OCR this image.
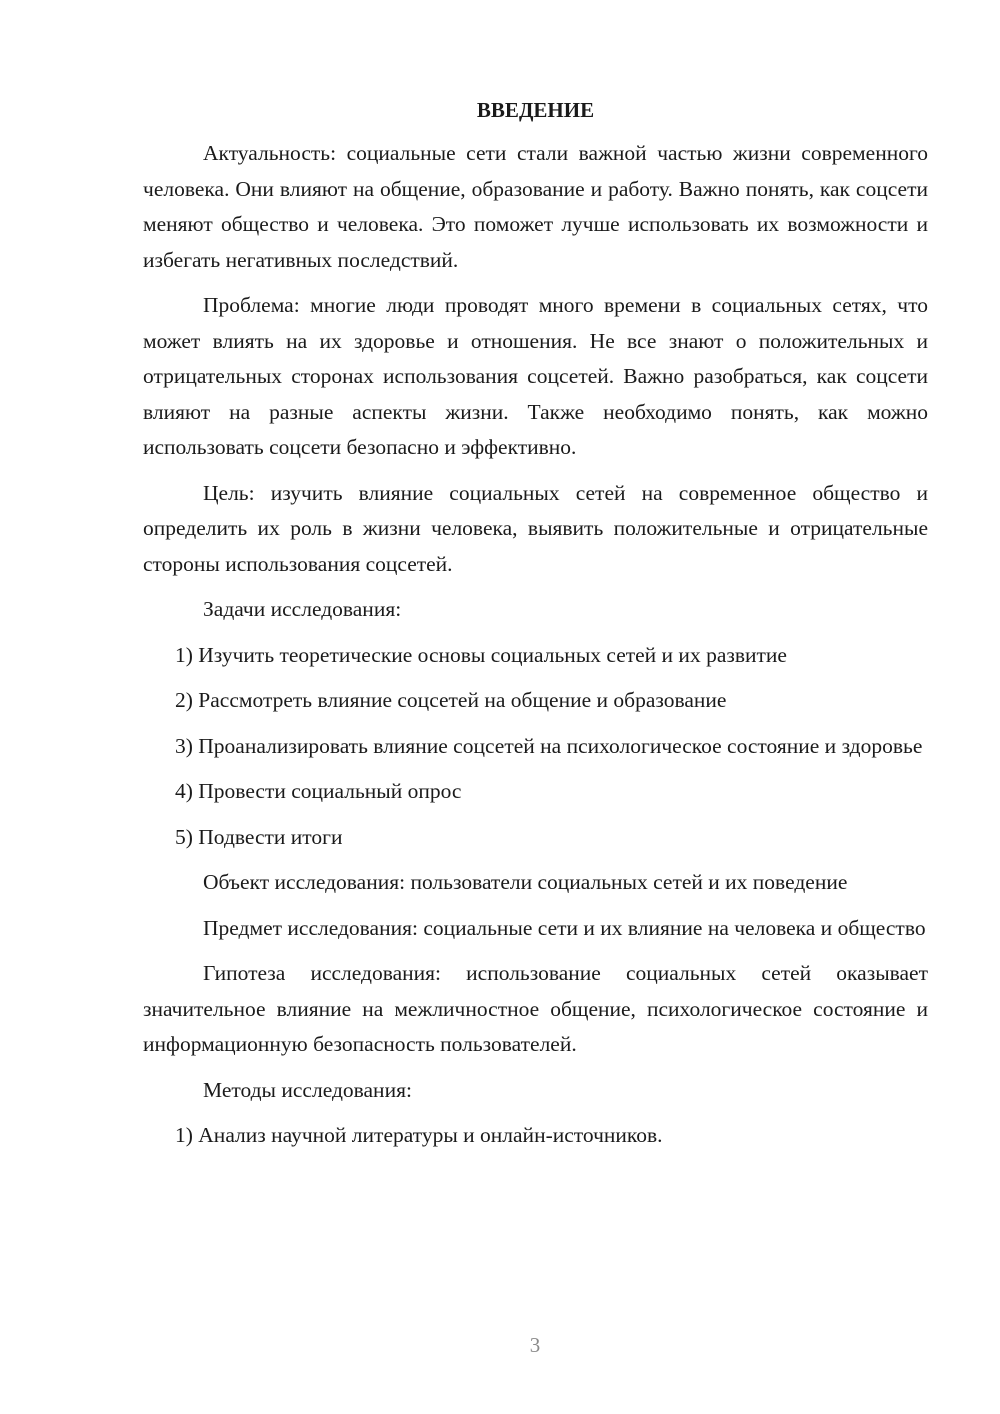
ВВЕДЕНИЕ

Актуальность: социальные сети стали важной частью жизни современного человека. Они влияют на общение, образование и работу. Важно понять, как соцсети меняют общество и человека. Это поможет лучше использовать их возможности и избегать негативных последствий.

Проблема: многие люди проводят много времени в социальных сетях, что может влиять на их здоровье и отношения. Не все знают о положительных и отрицательных сторонах использования соцсетей. Важно разобраться, как соцсети влияют на разные аспекты жизни. Также необходимо понять, как можно использовать соцсети безопасно и эффективно.

Цель: изучить влияние социальных сетей на современное общество и определить их роль в жизни человека, выявить положительные и отрицательные стороны использования соцсетей.

Задачи исследования:

1) Изучить теоретические основы социальных сетей и их развитие

2) Рассмотреть влияние соцсетей на общение и образование

3) Проанализировать влияние соцсетей на психологическое состояние и здоровье

4) Провести социальный опрос

5) Подвести итоги

Объект исследования: пользователи социальных сетей и их поведение

Предмет исследования: социальные сети и их влияние на человека и общество

Гипотеза исследования: использование социальных сетей оказывает значительное влияние на межличностное общение, психологическое состояние и информационную безопасность пользователей.

Методы исследования:

1) Анализ научной литературы и онлайн-источников.

3
